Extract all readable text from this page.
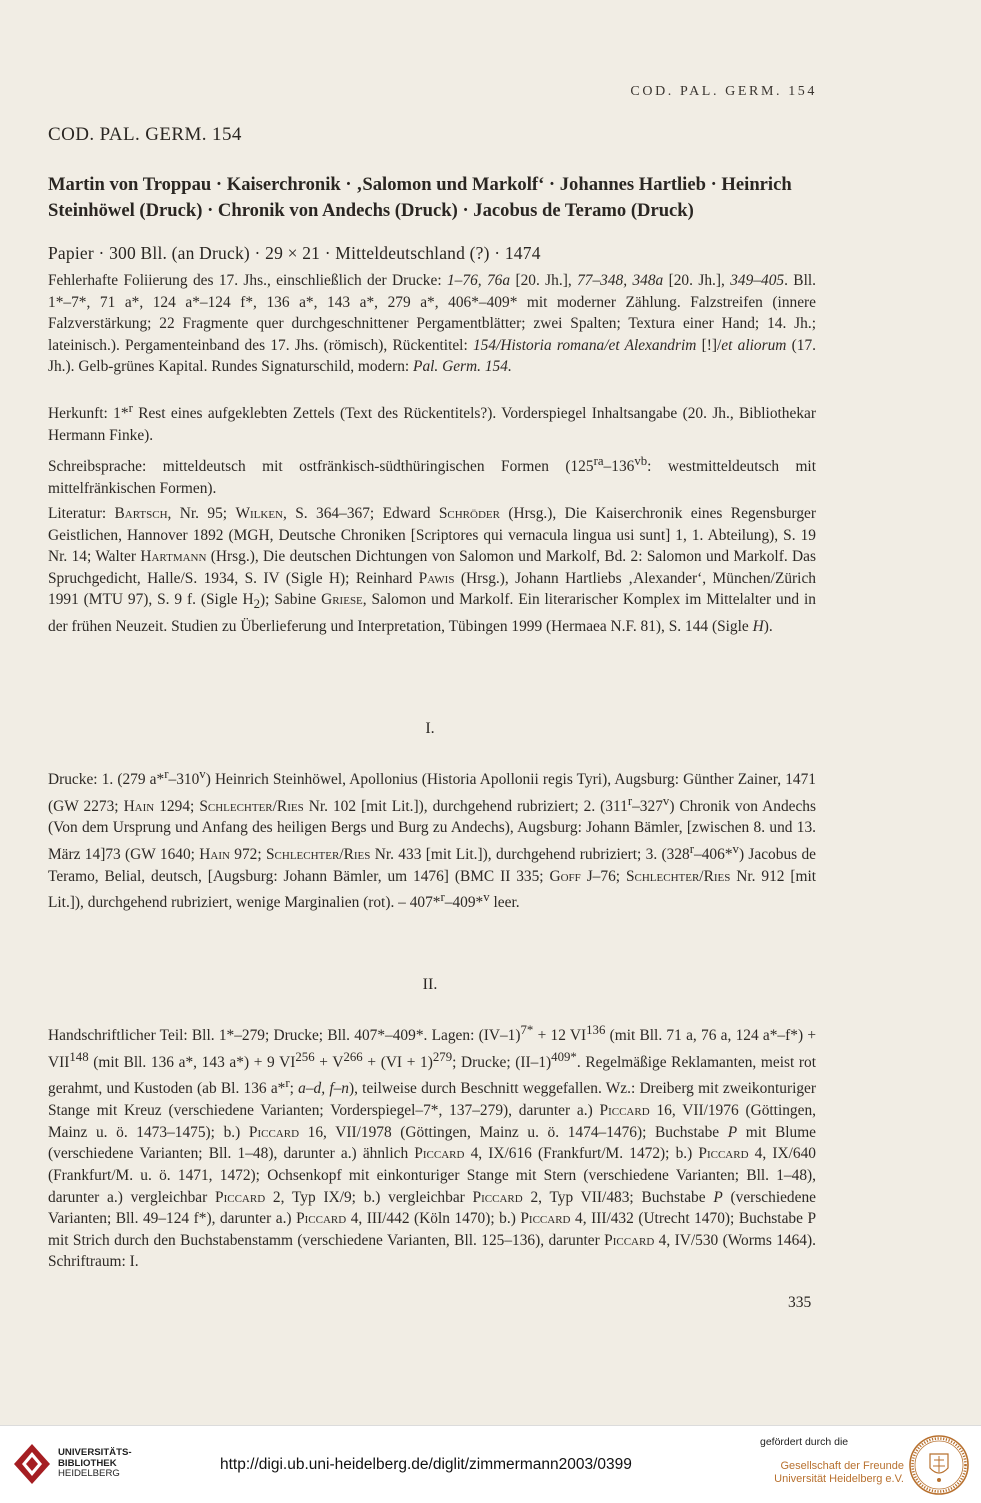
COD. PAL. GERM. 154
COD. PAL. GERM. 154
Martin von Troppau · Kaiserchronik · ‚Salomon und Markolf‘ · Johannes Hartlieb · Heinrich Steinhöwel (Druck) · Chronik von Andechs (Druck) · Jacobus de Teramo (Druck)
Papier · 300 Bll. (an Druck) · 29 × 21 · Mitteldeutschland (?) · 1474
Fehlerhafte Foliierung des 17. Jhs., einschließlich der Drucke: 1–76, 76a [20. Jh.], 77–348, 348a [20. Jh.], 349–405. Bll. 1*–7*, 71 a*, 124 a*–124 f*, 136 a*, 143 a*, 279 a*, 406*–409* mit moderner Zählung. Falzstreifen (innere Falzverstärkung; 22 Fragmente quer durchgeschnittener Pergamentblätter; zwei Spalten; Textura einer Hand; 14. Jh.; lateinisch.). Pergamenteinband des 17. Jhs. (römisch), Rückentitel: 154/Historia romana/et Alexandrim [!]/et aliorum (17. Jh.). Gelb-grünes Kapital. Rundes Signaturschild, modern: Pal. Germ. 154.
Herkunft: 1*$^r$ Rest eines aufgeklebten Zettels (Text des Rückentitels?). Vorderspiegel Inhaltsangabe (20. Jh., Bibliothekar Hermann Finke).
Schreibsprache: mitteldeutsch mit ostfränkisch-südthüringischen Formen ($125^{ra}-136^{vb}$: westmitteldeutsch mit mittelfränkischen Formen).
Literatur: Bartsch, Nr. 95; Wilken, S. 364–367; Edward Schröder (Hrsg.), Die Kaiserchronik eines Regensburger Geistlichen, Hannover 1892 (MGH, Deutsche Chroniken [Scriptores qui vernacula lingua usi sunt] 1, 1. Abteilung), S. 19 Nr. 14; Walter Hartmann (Hrsg.), Die deutschen Dichtungen von Salomon und Markolf, Bd. 2: Salomon und Markolf. Das Spruchgedicht, Halle/S. 1934, S. IV (Sigle H); Reinhard Pawis (Hrsg.), Johann Hartliebs ‚Alexander‘, München/Zürich 1991 (MTU 97), S. 9 f. (Sigle $H_2$); Sabine Griese, Salomon und Markolf. Ein literarischer Komplex im Mittelalter und in der frühen Neuzeit. Studien zu Überlieferung und Interpretation, Tübingen 1999 (Hermaea N.F. 81), S. 144 (Sigle H).
I.
Drucke: 1. (279 a*$^r$–310$^v$) Heinrich Steinhöwel, Apollonius (Historia Apollonii regis Tyri), Augsburg: Günther Zainer, 1471 (GW 2273; Hain 1294; Schlechter/Ries Nr. 102 [mit Lit.]), durchgehend rubriziert; 2. (311$^r$–327$^v$) Chronik von Andechs (Von dem Ursprung und Anfang des heiligen Bergs und Burg zu Andechs), Augsburg: Johann Bämler, [zwischen 8. und 13. März 14]73 (GW 1640; Hain 972; Schlechter/Ries Nr. 433 [mit Lit.]), durchgehend rubriziert; 3. (328$^r$–406*$^v$) Jacobus de Teramo, Belial, deutsch, [Augsburg: Johann Bämler, um 1476] (BMC II 335; Goff J–76; Schlechter/Ries Nr. 912 [mit Lit.]), durchgehend rubriziert, wenige Marginalien (rot). – 407*$^r$–409*$^v$ leer.
II.
Handschriftlicher Teil: Bll. 1*–279; Drucke; Bll. 407*–409*. Lagen: $(IV-1)^{7*} + 12$ VI$^{136}$ (mit Bll. 71 a, 76 a, 124 $a*-f*) + VII^{148}$ (mit Bll. 136 a*, 143 a*) + 9 $VI^{256} + V^{266} + (VI + 1)^{279}$; Drucke; $(II-1)^{409*}$. Regelmäßige Reklamanten, meist rot gerahmt, und Kustoden (ab Bl. 136 a*$^r$; a–d, f–n), teilweise durch Beschnitt weggefallen. Wz.: Dreiberg mit zweikonturiger Stange mit Kreuz (verschiedene Varianten; Vorderspiegel–7*, 137–279), darunter a.) Piccard 16, VII/1976 (Göttingen, Mainz u. ö. 1473–1475); b.) Piccard 16, VII/1978 (Göttingen, Mainz u. ö. 1474–1476); Buchstabe P mit Blume (verschiedene Varianten; Bll. 1–48), darunter a.) ähnlich Piccard 4, IX/616 (Frankfurt/M. 1472); b.) Piccard 4, IX/640 (Frankfurt/M. u. ö. 1471, 1472); Ochsenkopf mit einkonturiger Stange mit Stern (verschiedene Varianten; Bll. 1–48), darunter a.) vergleichbar Piccard 2, Typ IX/9; b.) vergleichbar Piccard 2, Typ VII/483; Buchstabe P (verschiedene Varianten; Bll. 49–124 f*), darunter a.) Piccard 4, III/442 (Köln 1470); b.) Piccard 4, III/432 (Utrecht 1470); Buchstabe P mit Strich durch den Buchstabenstamm (verschiedene Varianten, Bll. 125–136), darunter Piccard 4, IV/530 (Worms 1464). Schriftraum: I.
335
UNIVERSITÄTS-
BIBLIOTHEK
HEIDELBERG
http://digi.ub.uni-heidelberg.de/diglit/zimmermann2003/0399
gefördert durch die
Gesellschaft der Freunde
Universität Heidelberg e.V.
